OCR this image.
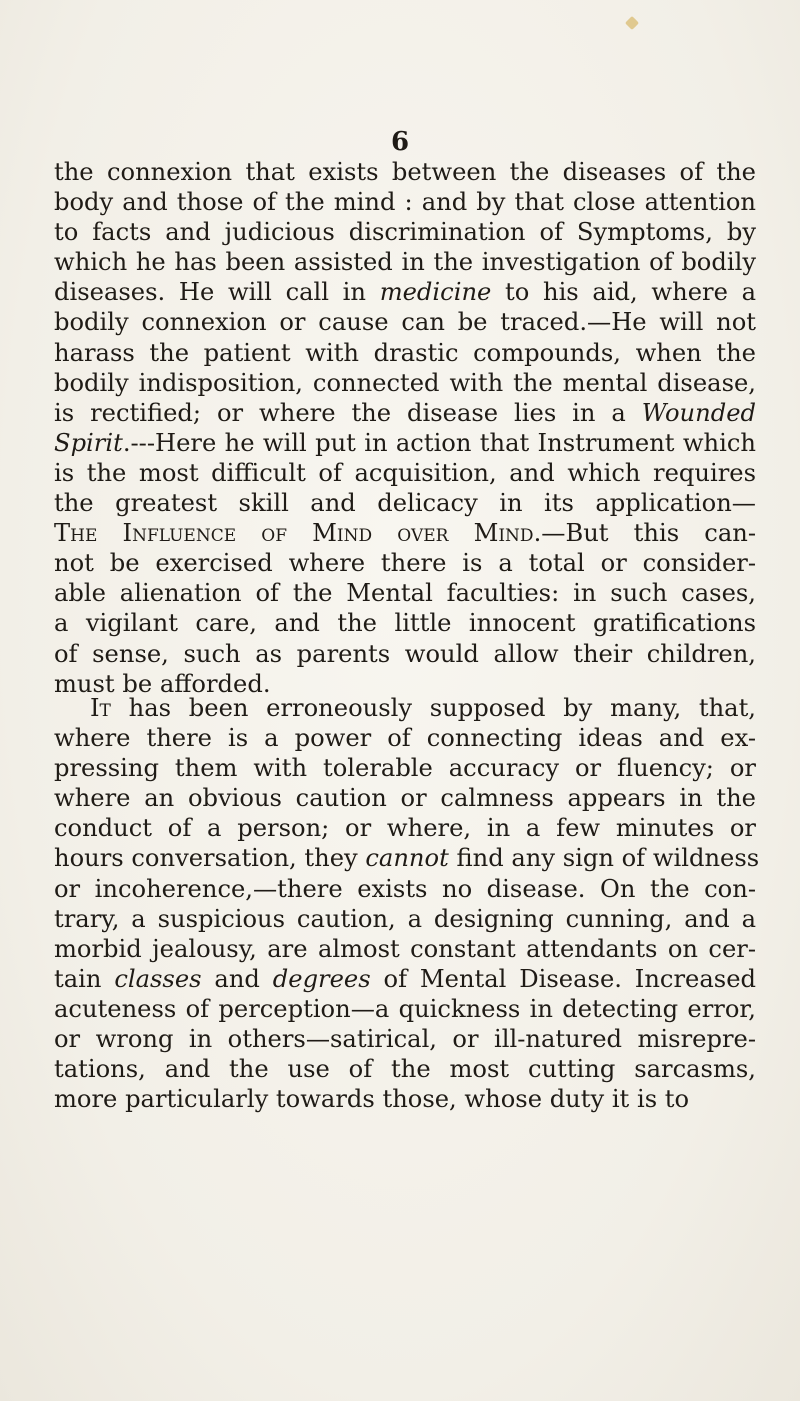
6

the connexion that exists between the diseases of the
body and those of the mind : and by that close attention
to facts and judicious discrimination of Symptoms, by
which he has been assisted in the investigation of bodily
diseases. He will call in medicine to his aid, where a
bodily connexion or cause can be traced.—He will not
harass the patient with drastic compounds, when the
bodily indisposition, connected with the mental disease,
is rectified; or where the disease lies in a Wounded
Spirit.---Here he will put in action that Instrument which
is the most difficult of acquisition, and which requires
the greatest skill and delicacy in its application—
The Influence of Mind over Mind.—But this can-
not be exercised where there is a total or consider-
able alienation of the Mental faculties: in such cases,
a vigilant care, and the little innocent gratifications
of sense, such as parents would allow their children,
must be afforded.

It has been erroneously supposed by many, that,
where there is a power of connecting ideas and ex-
pressing them with tolerable accuracy or fluency; or
where an obvious caution or calmness appears in the
conduct of a person; or where, in a few minutes or
hours conversation, they cannot find any sign of wildness
or incoherence,—there exists no disease. On the con-
trary, a suspicious caution, a designing cunning, and a
morbid jealousy, are almost constant attendants on cer-
tain classes and degrees of Mental Disease. Increased
acuteness of perception—a quickness in detecting error,
or wrong in others—satirical, or ill-natured misrepre-
tations, and the use of the most cutting sarcasms,
more particularly towards those, whose duty it is to
